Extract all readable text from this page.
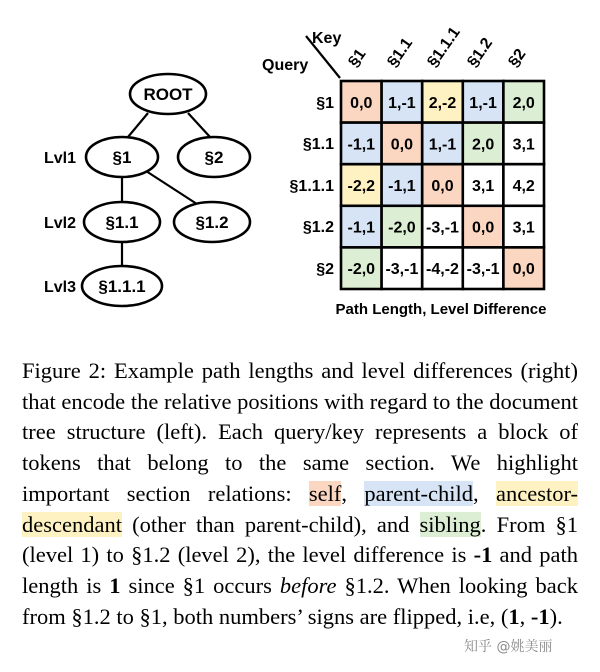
ROOT
§1	§2
§1.1	§1.2
§1.1.1
Lvl1
Lvl2
Lvl3
Key
Query §1 §1.1 §1.1.1 §1.2 §2
§1
§1.1
§1.1.1
§1.2
§2
0,0 1,-1 2,-2 1,-1 2,0
-1,1 0,0 1,-1 2,0 3,1
-2,2 -1,1 0,0 3,1 4,2
-1,1 -2,0 -3,-1 0,0 3,1
-2,0 -3,-1 -4,-2 -3,-1 0,0
Path Length, Level Difference

Figure 2: Example path lengths and level differences (right) that encode the relative positions with regard to the document tree structure (left). Each query/key represents a block of tokens that belong to the same section. We highlight important section relations: self, parent-child, ancestor-descendant (other than parent-child), and sibling. From §1 (level 1) to §1.2 (level 2), the level difference is -1 and path length is 1 since §1 occurs before §1.2. When looking back from §1.2 to §1, both numbers’ signs are flipped, i.e, (1, -1).

知乎 @姚美丽
